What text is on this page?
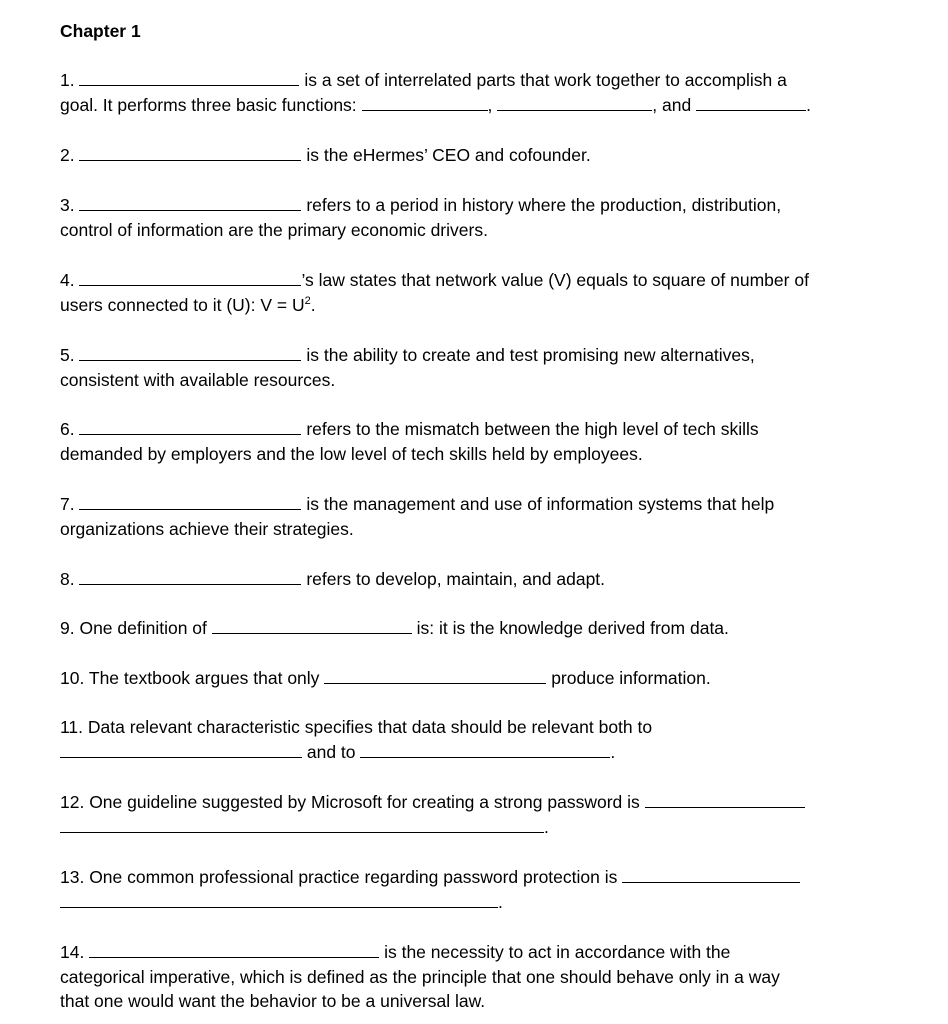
Chapter 1
1.	is a set of interrelated parts that work together to accomplish a
goal. It performs three basic functions:	,	, and	.
2.	is the eHermes’ CEO and cofounder.
3.	refers to a period in history where the production, distribution,
control of information are the primary economic drivers.
4.	’s law states that network value (V) equals to square of number of
users connected to it (U): $V = U^2$.
5.	is the ability to create and test promising new alternatives,
consistent with available resources.
6.	refers to the mismatch between the high level of tech skills
demanded by employers and the low level of tech skills held by employees.
7.	is the management and use of information systems that help
organizations achieve their strategies.
8.	refers to develop, maintain, and adapt.
9. One definition of	is: it is the knowledge derived from data.
10. The textbook argues that only	produce information.
11. Data relevant characteristic specifies that data should be relevant both to
and to	.
12. One guideline suggested by Microsoft for creating a strong password is
.
13. One common professional practice regarding password protection is
.
14.	is the necessity to act in accordance with the
categorical imperative, which is defined as the principle that one should behave only in a way
that one would want the behavior to be a universal law.
